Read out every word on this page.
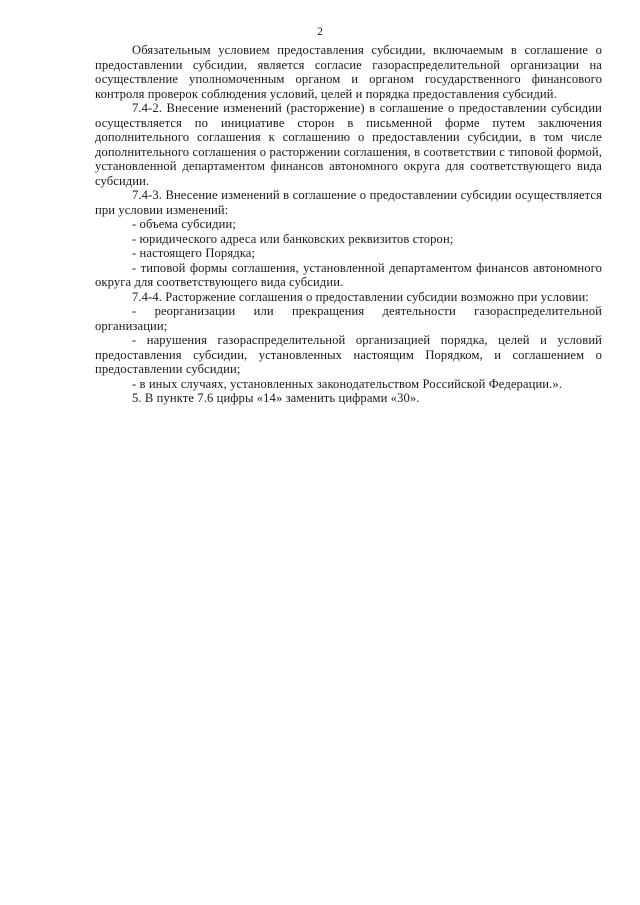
2

Обязательным условием предоставления субсидии, включаемым в соглашение о предоставлении субсидии, является согласие газораспределительной организации на осуществление уполномоченным органом и органом государственного финансового контроля проверок соблюдения условий, целей и порядка предоставления субсидий.

7.4-2. Внесение изменений (расторжение) в соглашение о предоставлении субсидии осуществляется по инициативе сторон в письменной форме путем заключения дополнительного соглашения к соглашению о предоставлении субсидии, в том числе дополнительного соглашения о расторжении соглашения, в соответствии с типовой формой, установленной департаментом финансов автономного округа для соответствующего вида субсидии.

7.4-3. Внесение изменений в соглашение о предоставлении субсидии осуществляется при условии изменений:

- объема субсидии;

- юридического адреса или банковских реквизитов сторон;

- настоящего Порядка;

- типовой формы соглашения, установленной департаментом финансов автономного округа для соответствующего вида субсидии.

7.4-4. Расторжение соглашения о предоставлении субсидии возможно при условии:

- реорганизации или прекращения деятельности газораспределительной организации;

- нарушения газораспределительной организацией порядка, целей и условий предоставления субсидии, установленных настоящим Порядком, и соглашением о предоставлении субсидии;

- в иных случаях, установленных законодательством Российской Федерации.».

5. В пункте 7.6 цифры «14» заменить цифрами «30».
